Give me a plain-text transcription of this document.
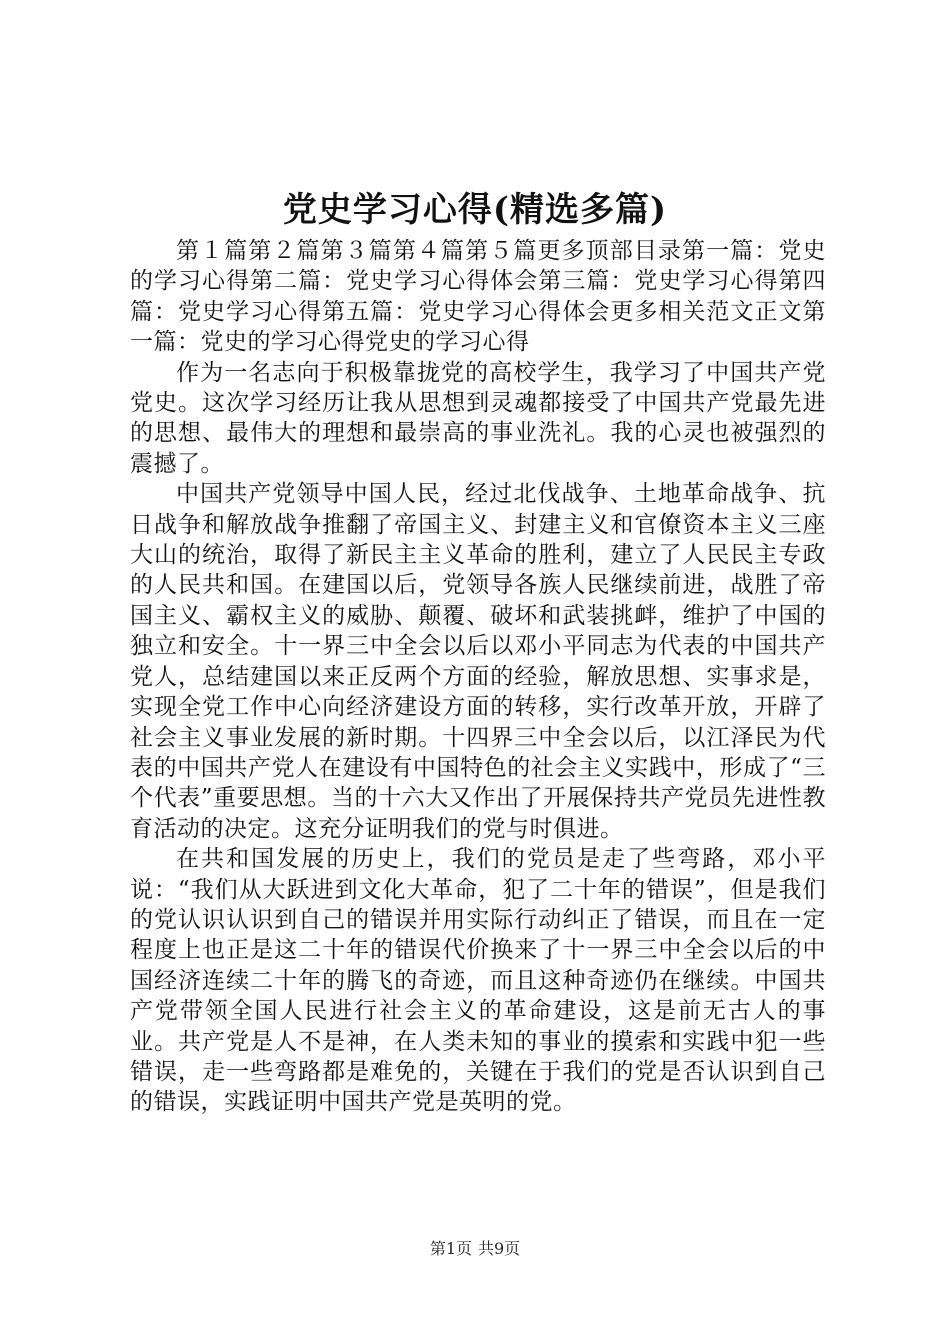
党史学习心得(精选多篇)

第１篇第２篇第３篇第４篇第５篇更多顶部目录第一篇：党史的学习心得第二篇：党史学习心得体会第三篇：党史学习心得第四篇：党史学习心得第五篇：党史学习心得体会更多相关范文正文第一篇：党史的学习心得党史的学习心得

作为一名志向于积极靠拢党的高校学生，我学习了中国共产党党史。这次学习经历让我从思想到灵魂都接受了中国共产党最先进的思想、最伟大的理想和最崇高的事业洗礼。我的心灵也被强烈的震撼了。

中国共产党领导中国人民，经过北伐战争、土地革命战争、抗日战争和解放战争推翻了帝国主义、封建主义和官僚资本主义三座大山的统治，取得了新民主主义革命的胜利，建立了人民民主专政的人民共和国。在建国以后，党领导各族人民继续前进，战胜了帝国主义、霸权主义的威胁、颠覆、破坏和武装挑衅，维护了中国的独立和安全。十一界三中全会以后以邓小平同志为代表的中国共产党人，总结建国以来正反两个方面的经验，解放思想、实事求是，实现全党工作中心向经济建设方面的转移，实行改革开放，开辟了社会主义事业发展的新时期。十四界三中全会以后，以江泽民为代表的中国共产党人在建设有中国特色的社会主义实践中，形成了“三个代表”重要思想。当的十六大又作出了开展保持共产党员先进性教育活动的决定。这充分证明我们的党与时俱进。

在共和国发展的历史上，我们的党员是走了些弯路，邓小平说：“我们从大跃进到文化大革命，犯了二十年的错误”，但是我们的党认识认识到自己的错误并用实际行动纠正了错误，而且在一定程度上也正是这二十年的错误代价换来了十一界三中全会以后的中国经济连续二十年的腾飞的奇迹，而且这种奇迹仍在继续。中国共产党带领全国人民进行社会主义的革命建设，这是前无古人的事业。共产党是人不是神，在人类未知的事业的摸索和实践中犯一些错误，走一些弯路都是难免的，关键在于我们的党是否认识到自己的错误，实践证明中国共产党是英明的党。

第1页 共9页
